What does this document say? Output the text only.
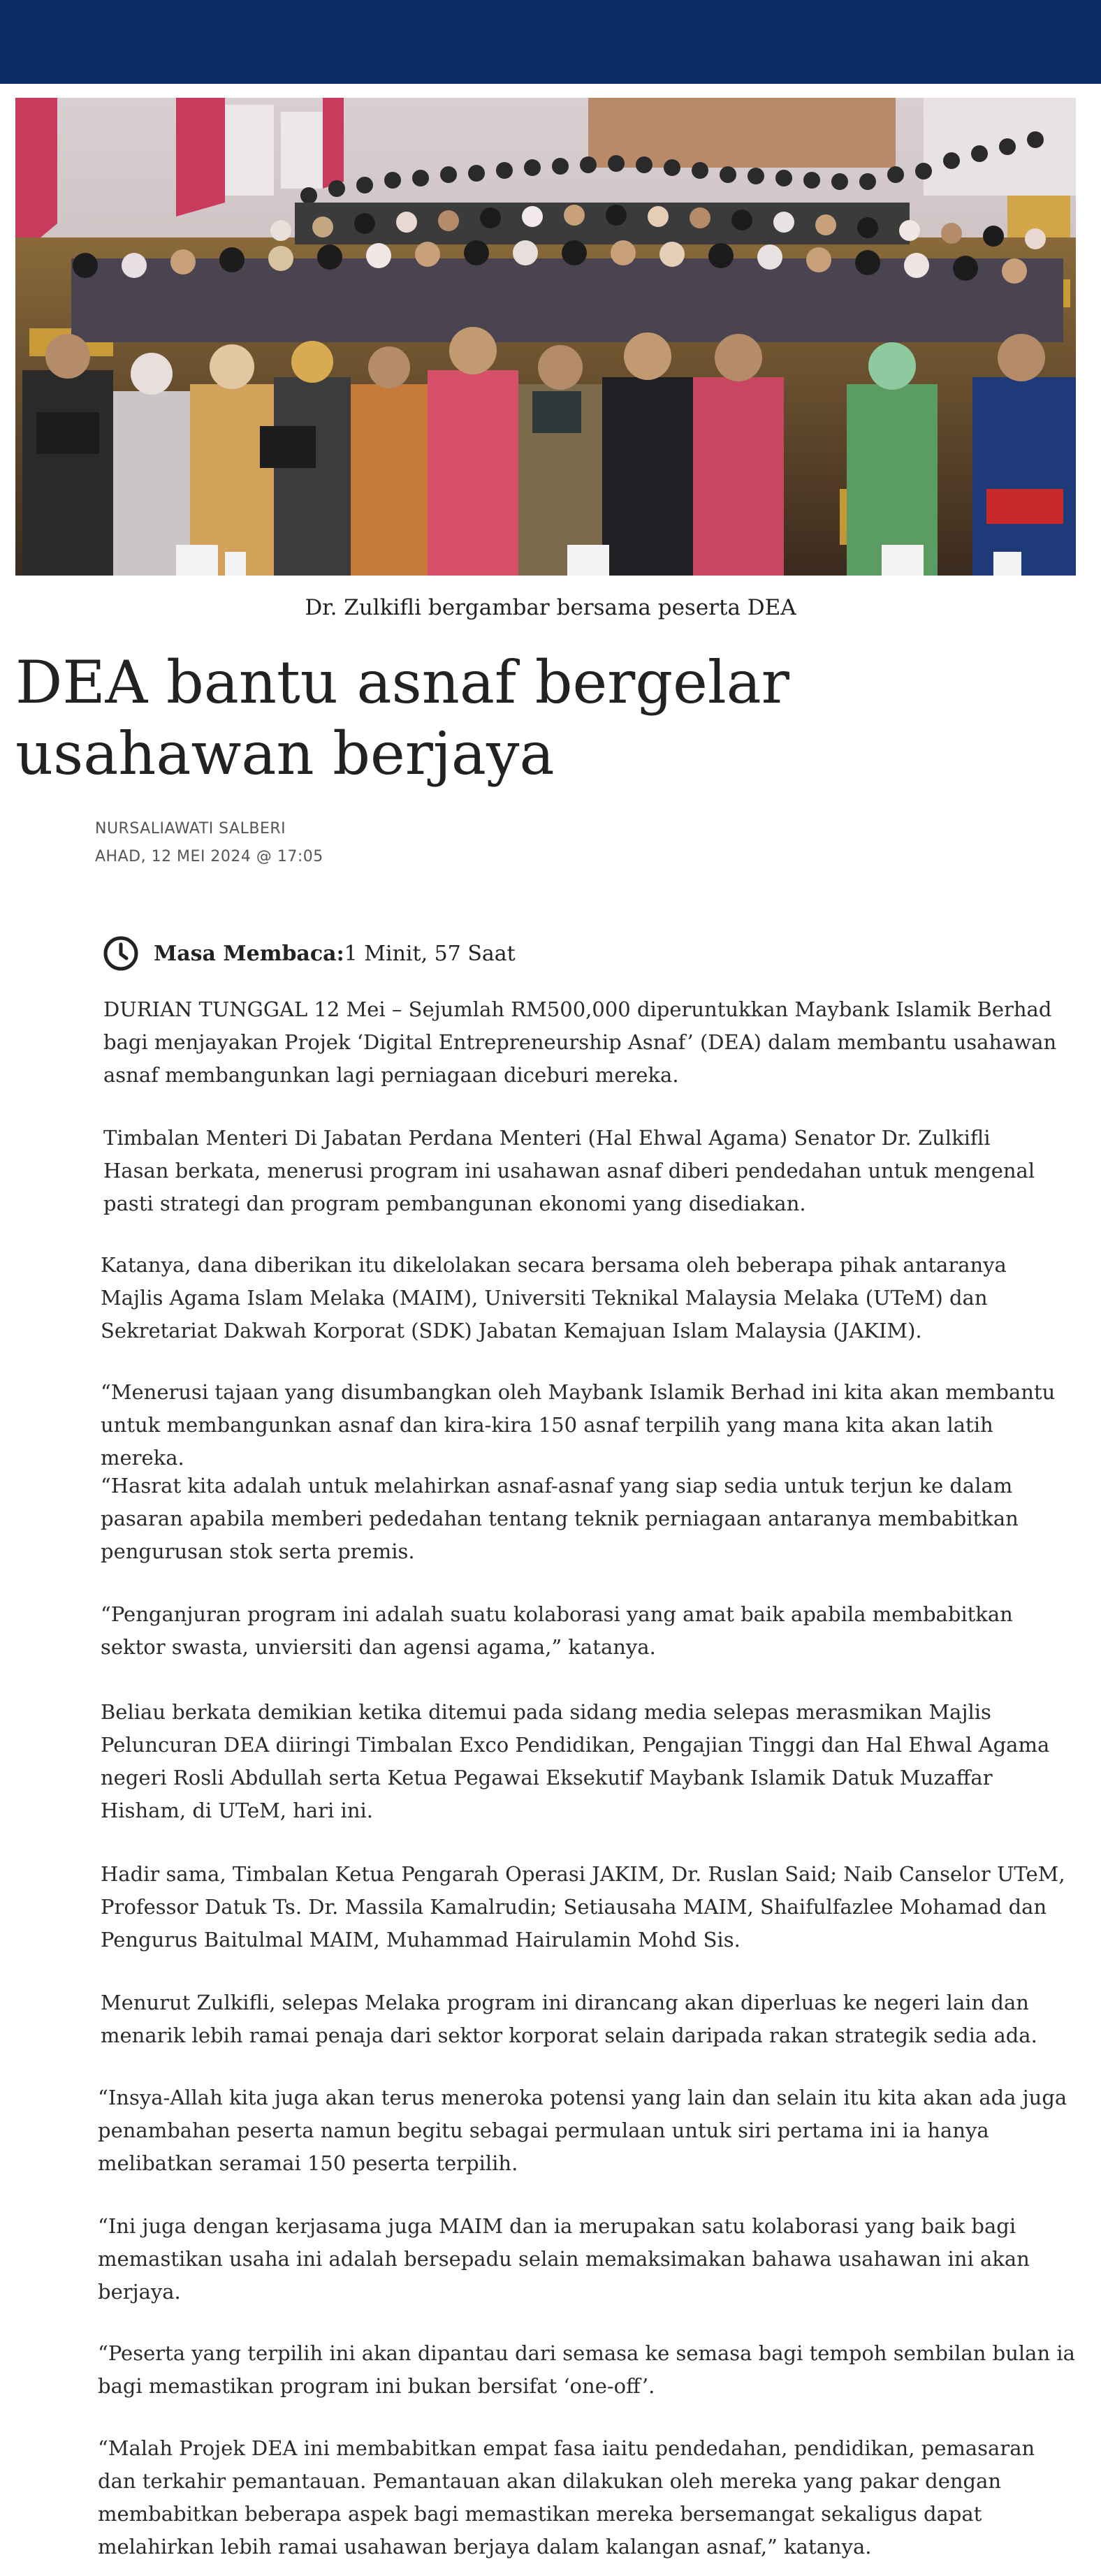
Dr. Zulkifli bergambar bersama peserta DEA
DEA bantu asnaf bergelar usahawan berjaya
NURSALIAWATI SALBERI
AHAD, 12 MEI 2024 @ 17:05
Masa Membaca: 1 Minit, 57 Saat

DURIAN TUNGGAL 12 Mei – Sejumlah RM500,000 diperuntukkan Maybank Islamik Berhad bagi menjayakan Projek ‘Digital Entrepreneurship Asnaf’ (DEA) dalam membantu usahawan asnaf membangunkan lagi perniagaan diceburi mereka.

Timbalan Menteri Di Jabatan Perdana Menteri (Hal Ehwal Agama) Senator Dr. Zulkifli Hasan berkata, menerusi program ini usahawan asnaf diberi pendedahan untuk mengenal pasti strategi dan program pembangunan ekonomi yang disediakan.

Katanya, dana diberikan itu dikelolakan secara bersama oleh beberapa pihak antaranya Majlis Agama Islam Melaka (MAIM), Universiti Teknikal Malaysia Melaka (UTeM) dan Sekretariat Dakwah Korporat (SDK) Jabatan Kemajuan Islam Malaysia (JAKIM).

“Menerusi tajaan yang disumbangkan oleh Maybank Islamik Berhad ini kita akan membantu untuk membangunkan asnaf dan kira-kira 150 asnaf terpilih yang mana kita akan latih mereka.

“Hasrat kita adalah untuk melahirkan asnaf-asnaf yang siap sedia untuk terjun ke dalam pasaran apabila memberi pededahan tentang teknik perniagaan antaranya membabitkan pengurusan stok serta premis.

“Penganjuran program ini adalah suatu kolaborasi yang amat baik apabila membabitkan sektor swasta, unviersiti dan agensi agama,” katanya.

Beliau berkata demikian ketika ditemui pada sidang media selepas merasmikan Majlis Peluncuran DEA diiringi Timbalan Exco Pendidikan, Pengajian Tinggi dan Hal Ehwal Agama negeri Rosli Abdullah serta Ketua Pegawai Eksekutif Maybank Islamik Datuk Muzaffar Hisham, di UTeM, hari ini.

Hadir sama, Timbalan Ketua Pengarah Operasi JAKIM, Dr. Ruslan Said; Naib Canselor UTeM, Professor Datuk Ts. Dr. Massila Kamalrudin; Setiausaha MAIM, Shaifulfazlee Mohamad dan Pengurus Baitulmal MAIM, Muhammad Hairulamin Mohd Sis.

Menurut Zulkifli, selepas Melaka program ini dirancang akan diperluas ke negeri lain dan menarik lebih ramai penaja dari sektor korporat selain daripada rakan strategik sedia ada.

“Insya-Allah kita juga akan terus meneroka potensi yang lain dan selain itu kita akan ada juga penambahan peserta namun begitu sebagai permulaan untuk siri pertama ini ia hanya melibatkan seramai 150 peserta terpilih.

“Ini juga dengan kerjasama juga MAIM dan ia merupakan satu kolaborasi yang baik bagi memastikan usaha ini adalah bersepadu selain memaksimakan bahawa usahawan ini akan berjaya.

“Peserta yang terpilih ini akan dipantau dari semasa ke semasa bagi tempoh sembilan bulan ia bagi memastikan program ini bukan bersifat ‘one-off’.

“Malah Projek DEA ini membabitkan empat fasa iaitu pendedahan, pendidikan, pemasaran dan terkahir pemantauan. Pemantauan akan dilakukan oleh mereka yang pakar dengan membabitkan beberapa aspek bagi memastikan mereka bersemangat sekaligus dapat melahirkan lebih ramai usahawan berjaya dalam kalangan asnaf,” katanya.
